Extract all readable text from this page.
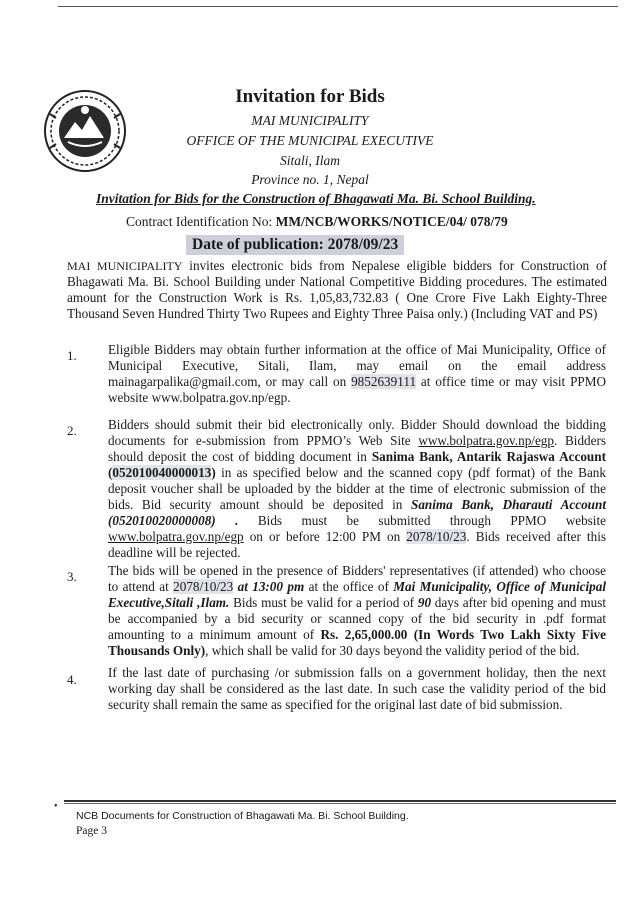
Invitation for Bids
MAI MUNICIPALITY
OFFICE OF THE MUNICIPAL EXECUTIVE
Sitali, Ilam
Province no. 1, Nepal
Invitation for Bids for the Construction of Bhagawati Ma. Bi. School Building.
Contract Identification No: MM/NCB/WORKS/NOTICE/04/ 078/79
Date of publication: 2078/09/23
MAI MUNICIPALITY invites electronic bids from Nepalese eligible bidders for Construction of Bhagawati Ma. Bi. School Building under National Competitive Bidding procedures. The estimated amount for the Construction Work is Rs. 1,05,83,732.83 ( One Crore Five Lakh Eighty-Three Thousand Seven Hundred Thirty Two Rupees and Eighty Three Paisa only.) (Including VAT and PS)
1. Eligible Bidders may obtain further information at the office of Mai Municipality, Office of Municipal Executive, Sitali, Ilam, may email on the email address mainagarpalika@gmail.com, or may call on 9852639111 at office time or may visit PPMO website www.bolpatra.gov.np/egp.
2. Bidders should submit their bid electronically only. Bidder Should download the bidding documents for e-submission from PPMO’s Web Site www.bolpatra.gov.np/egp. Bidders should deposit the cost of bidding document in Sanima Bank, Antarik Rajaswa Account (052010040000013) in as specified below and the scanned copy (pdf format) of the Bank deposit voucher shall be uploaded by the bidder at the time of electronic submission of the bids. Bid security amount should be deposited in Sanima Bank, Dharauti Account (052010020000008) . Bids must be submitted through PPMO website www.bolpatra.gov.np/egp on or before 12:00 PM on 2078/10/23. Bids received after this deadline will be rejected.
3. The bids will be opened in the presence of Bidders' representatives (if attended) who choose to attend at 2078/10/23 at 13:00 pm at the office of Mai Municipality, Office of Municipal Executive,Sitali ,Ilam. Bids must be valid for a period of 90 days after bid opening and must be accompanied by a bid security or scanned copy of the bid security in .pdf format amounting to a minimum amount of Rs. 2,65,000.00 (In Words Two Lakh Sixty Five Thousands Only), which shall be valid for 30 days beyond the validity period of the bid.
4. If the last date of purchasing /or submission falls on a government holiday, then the next working day shall be considered as the last date. In such case the validity period of the bid security shall remain the same as specified for the original last date of bid submission.
•
NCB Documents for Construction of Bhagawati Ma. Bi. School Building.
Page 3
